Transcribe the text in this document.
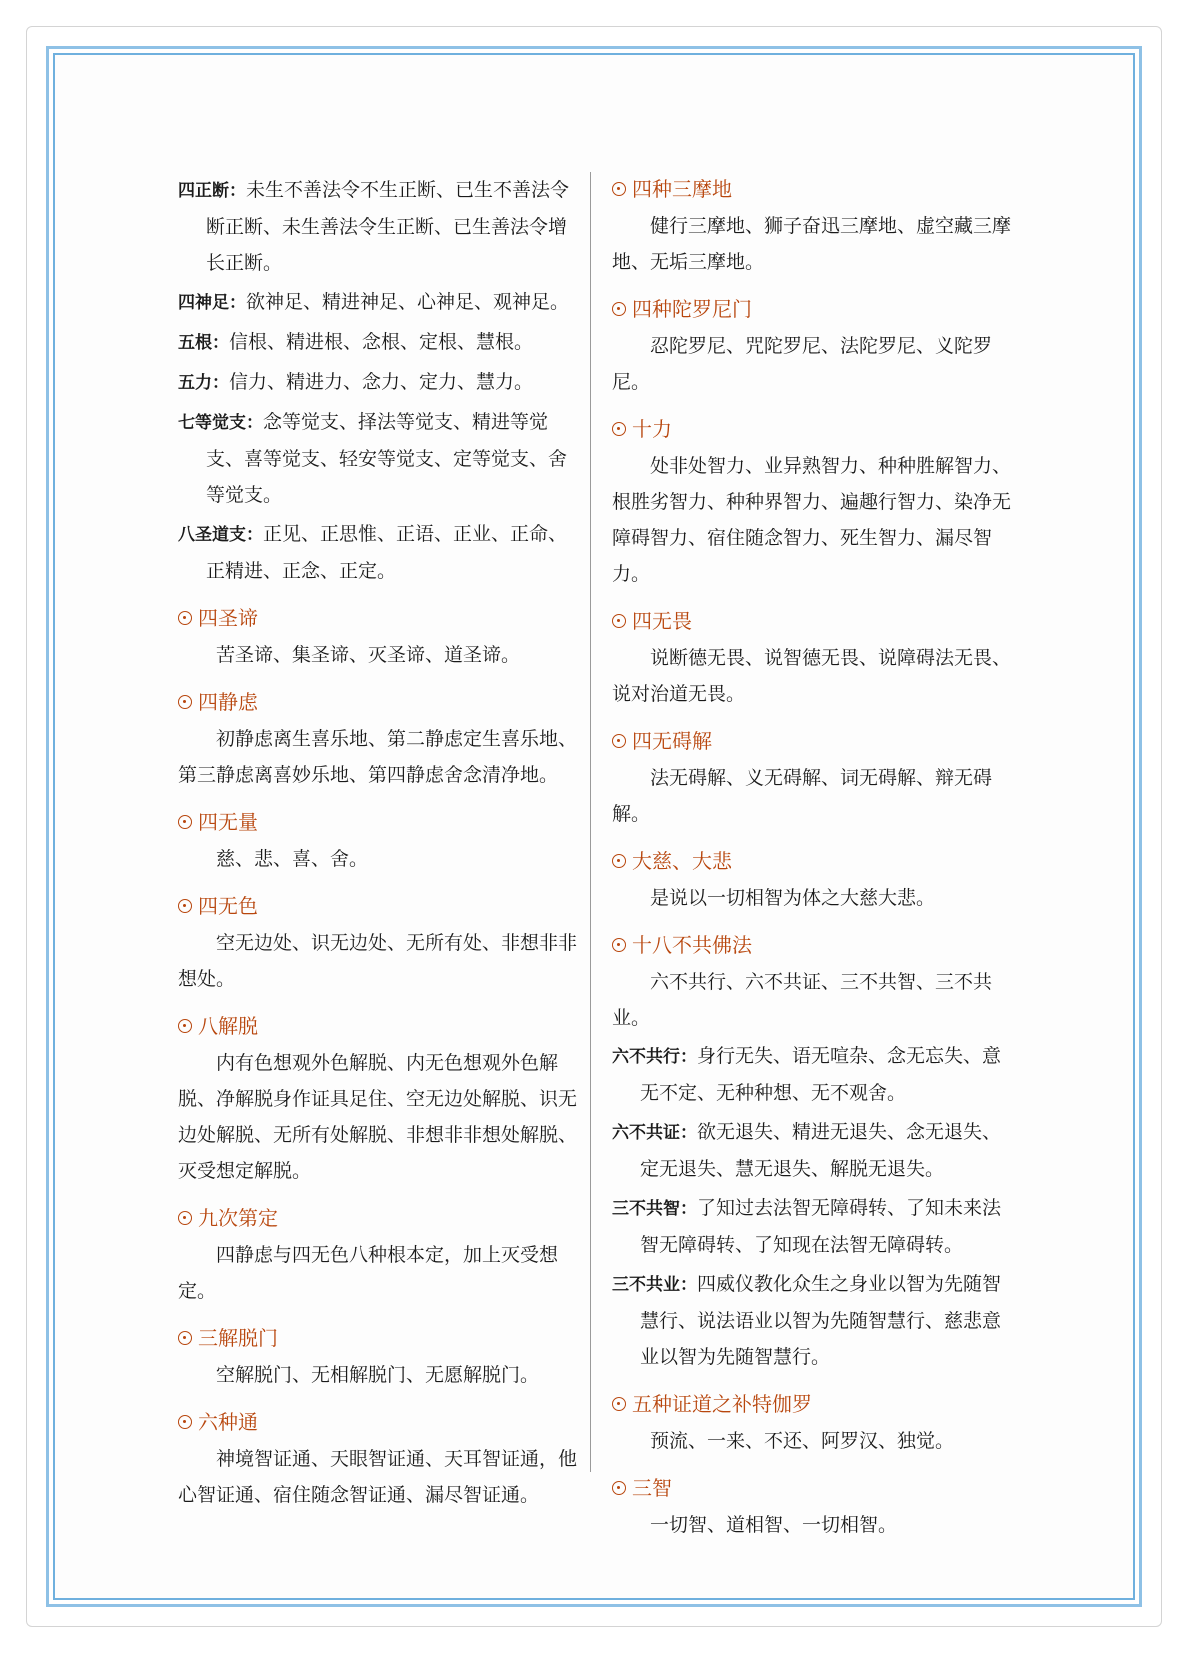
四正断：未生不善法令不生正断、已生不善法令断正断、未生善法令生正断、已生善法令增长正断。

四神足：欲神足、精进神足、心神足、观神足。

五根：信根、精进根、念根、定根、慧根。

五力：信力、精进力、念力、定力、慧力。

七等觉支：念等觉支、择法等觉支、精进等觉支、喜等觉支、轻安等觉支、定等觉支、舍等觉支。

八圣道支：正见、正思惟、正语、正业、正命、正精进、正念、正定。

四圣谛

苦圣谛、集圣谛、灭圣谛、道圣谛。

四静虑

初静虑离生喜乐地、第二静虑定生喜乐地、第三静虑离喜妙乐地、第四静虑舍念清净地。

四无量

慈、悲、喜、舍。

四无色

空无边处、识无边处、无所有处、非想非非想处。

八解脱

内有色想观外色解脱、内无色想观外色解脱、净解脱身作证具足住、空无边处解脱、识无边处解脱、无所有处解脱、非想非非想处解脱、灭受想定解脱。

九次第定

四静虑与四无色八种根本定，加上灭受想定。

三解脱门

空解脱门、无相解脱门、无愿解脱门。

六种通

神境智证通、天眼智证通、天耳智证通，他心智证通、宿住随念智证通、漏尽智证通。

四种三摩地

健行三摩地、狮子奋迅三摩地、虚空藏三摩地、无垢三摩地。

四种陀罗尼门

忍陀罗尼、咒陀罗尼、法陀罗尼、义陀罗尼。

十力

处非处智力、业异熟智力、种种胜解智力、根胜劣智力、种种界智力、遍趣行智力、染净无障碍智力、宿住随念智力、死生智力、漏尽智力。

四无畏

说断德无畏、说智德无畏、说障碍法无畏、说对治道无畏。

四无碍解

法无碍解、义无碍解、词无碍解、辩无碍解。

大慈、大悲

是说以一切相智为体之大慈大悲。

十八不共佛法

六不共行、六不共证、三不共智、三不共业。

六不共行：身行无失、语无喧杂、念无忘失、意无不定、无种种想、无不观舍。

六不共证：欲无退失、精进无退失、念无退失、定无退失、慧无退失、解脱无退失。

三不共智：了知过去法智无障碍转、了知未来法智无障碍转、了知现在法智无障碍转。

三不共业：四威仪教化众生之身业以智为先随智慧行、说法语业以智为先随智慧行、慈悲意业以智为先随智慧行。

五种证道之补特伽罗

预流、一来、不还、阿罗汉、独觉。

三智

一切智、道相智、一切相智。
